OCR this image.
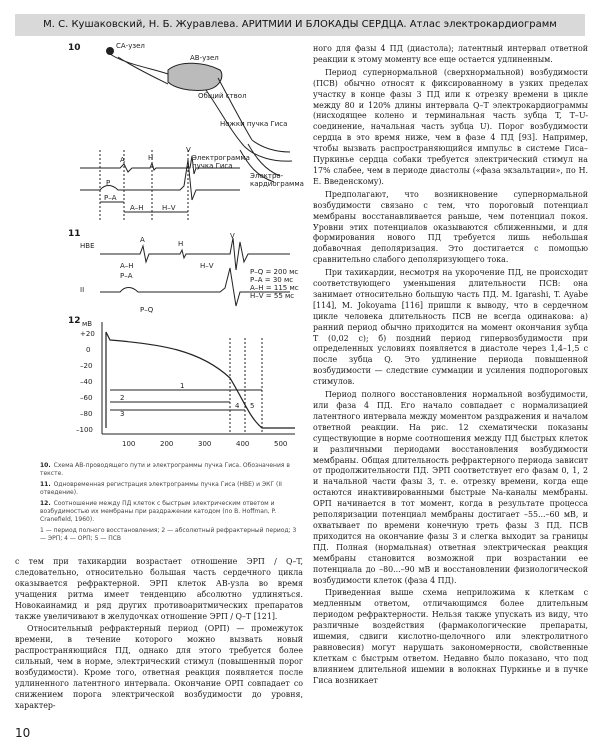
М. С. Кушаковский, Н. Б. Журавлева. АРИТМИИ И БЛОКАДЫ СЕРДЦА. Атлас электрокардиограмм
10
11
12
СА-узел
АВ-узел
Общий ствол
Ножки пучка Гиса
Электрограмма
пучка Гиса
Электро-
кардиограмма
A	H
V
P
P–A
A–H	H–V
HBE
II
A	H
V
A–H
P–A
H–V
P–Q
P–Q = 200 мс
P–A = 30 мс
A–H = 115 мс
H–V = 55 мс
мВ
+20
0
–20
–40
–60
–80
–100
100	200	300	400	500
1
2
3
4 5

10. Схема АВ-проводящего пути и электрограммы пучка Гиса. Обозначения в тексте.

11. Одновременная регистрация электрограммы пучка Гиса (HBE) и ЭКГ (II отведение).

12. Соотношение между ПД клеток с быстрым электрическим ответом и возбудимостью их мембраны при раздражении катодом (по B. Hoffman, P. Cranefield, 1960).

1 — период полного восстановления; 2 — абсолютный рефрактерный период; 3 — ЭРП; 4 — ОРП; 5 — ПСВ

с тем при тахикардии возрастает отношение ЭРП / Q–T, следовательно, относительно большая часть сердечного цикла оказывается рефрактерной. ЭРП клеток АВ-узла во время учащения ритма имеет тенденцию абсолютно удлиняться. Новокаинамид и ряд других противоаритмических препаратов также увеличивают в желудочках отношение ЭРП / Q–T [121].

Относительный рефрактерный период (ОРП) — промежуток времени, в течение которого можно вызвать новый распространяющийся ПД, однако для этого требуется более сильный, чем в норме, электрический стимул (повышенный порог возбудимости). Кроме того, ответная реакция появляется после удлиненного латентного интервала. Окончание ОРП совпадает со снижением порога электрической возбудимости до уровня, характер-

ного для фазы 4 ПД (диастола); латентный интервал ответной реакции к этому моменту все еще остается удлиненным.

Период супернормальной (сверхнормальной) возбудимости (ПСВ) обычно относят к фиксированному в узких пределах участку в конце фазы 3 ПД или к отрезку времени в цикле между 80 и 120% длины интервала Q–T электрокардиограммы (нисходящее колено и терминальная часть зубца T, T–U-соединение, начальная часть зубца U). Порог возбудимости сердца в это время ниже, чем в фазе 4 ПД [93]. Например, чтобы вызвать распространяющийся импульс в системе Гиса–Пуркинье сердца собаки требуется электрический стимул на 17% слабее, чем в периоде диастолы («фаза экзальтации», по Н. Е. Введенскому).

Предполагают, что возникновение супернормальной возбудимости связано с тем, что пороговый потенциал мембраны восстанавливается раньше, чем потенциал покоя. Уровни этих потенциалов оказываются сближенными, и для формирования нового ПД требуется лишь небольшая добавочная деполяризация. Это достигается с помощью сравнительно слабого деполяризующего тока.

При тахикардии, несмотря на укорочение ПД, не происходит соответствующего уменьшения длительности ПСВ: она занимает относительно большую часть ПД. M. Igarashi, T. Ayabe [114], M. Jokoyama [116] пришли к выводу, что в сердечном цикле человека длительность ПСВ не всегда одинакова: а) ранний период обычно приходится на момент окончания зубца T (0,02 с); б) поздний период гипервозбудимости при определенных условиях появляется в диастоле через 1,4–1,5 с после зубца Q. Это удлинение периода повышенной возбудимости — следствие суммации и усиления подпороговых стимулов.

Период полного восстановления нормальной возбудимости, или фаза 4 ПД. Его начало совпадает с нормализацией латентного интервала между моментом раздражения и началом ответной реакции. На рис. 12 схематически показаны существующие в норме соотношения между ПД быстрых клеток и различными периодами восстановления возбудимости мембраны. Общая длительность рефрактерного периода зависит от продолжительности ПД. ЭРП соответствует его фазам 0, 1, 2 и начальной части фазы 3, т. е. отрезку времени, когда еще остаются инактивированными быстрые Na-каналы мембраны. ОРП начинается в тот момент, когда в результате процесса реполяризации потенциал мембраны достигает –55...–60 мВ, и охватывает по времени конечную треть фазы 3 ПД. ПСВ приходится на окончание фазы 3 и слегка выходит за границы ПД. Полная (нормальная) ответная электрическая реакция мембраны становится возможной при возрастании ее потенциала до –80...–90 мВ и восстановлении физиологической возбудимости клеток (фаза 4 ПД).

Приведенная выше схема неприложима к клеткам с медленным ответом, отличающимся более длительным периодом рефрактерности. Нельзя также упускать из виду, что различные воздействия (фармакологические препараты, ишемия, сдвиги кислотно-щелочного или электролитного равновесия) могут нарушать закономерности, свойственные клеткам с быстрым ответом. Недавно было показано, что под влиянием длительной ишемии в волокнах Пуркинье и в пучке Гиса возникает

10
